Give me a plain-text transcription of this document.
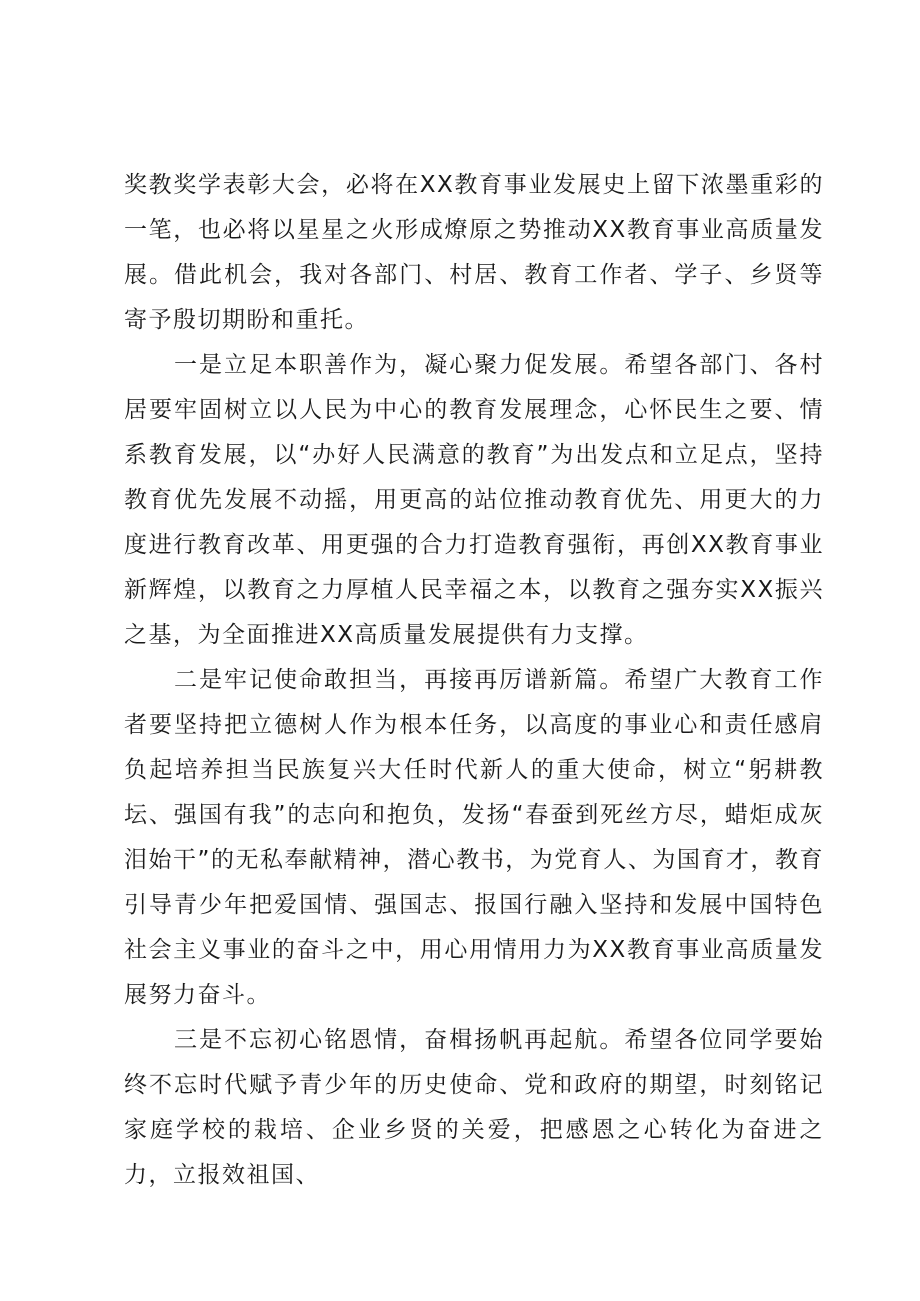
奖教奖学表彰大会，必将在XX教育事业发展史上留下浓墨重彩的一笔，也必将以星星之火形成燎原之势推动XX教育事业高质量发展。借此机会，我对各部门、村居、教育工作者、学子、乡贤等寄予殷切期盼和重托。

一是立足本职善作为，凝心聚力促发展。希望各部门、各村居要牢固树立以人民为中心的教育发展理念，心怀民生之要、情系教育发展，以“办好人民满意的教育”为出发点和立足点，坚持教育优先发展不动摇，用更高的站位推动教育优先、用更大的力度进行教育改革、用更强的合力打造教育强衔，再创XX教育事业新辉煌，以教育之力厚植人民幸福之本，以教育之强夯实XX振兴之基，为全面推进XX高质量发展提供有力支撑。

二是牢记使命敢担当，再接再厉谱新篇。希望广大教育工作者要坚持把立德树人作为根本任务，以高度的事业心和责任感肩负起培养担当民族复兴大任时代新人的重大使命，树立“躬耕教坛、强国有我”的志向和抱负，发扬“春蚕到死丝方尽，蜡炬成灰泪始干”的无私奉献精神，潜心教书，为党育人、为国育才，教育引导青少年把爱国情、强国志、报国行融入坚持和发展中国特色社会主义事业的奋斗之中，用心用情用力为XX教育事业高质量发展努力奋斗。

三是不忘初心铭恩情，奋楫扬帆再起航。希望各位同学要始终不忘时代赋予青少年的历史使命、党和政府的期望，时刻铭记家庭学校的栽培、企业乡贤的关爱，把感恩之心转化为奋进之力，立报效祖国、
